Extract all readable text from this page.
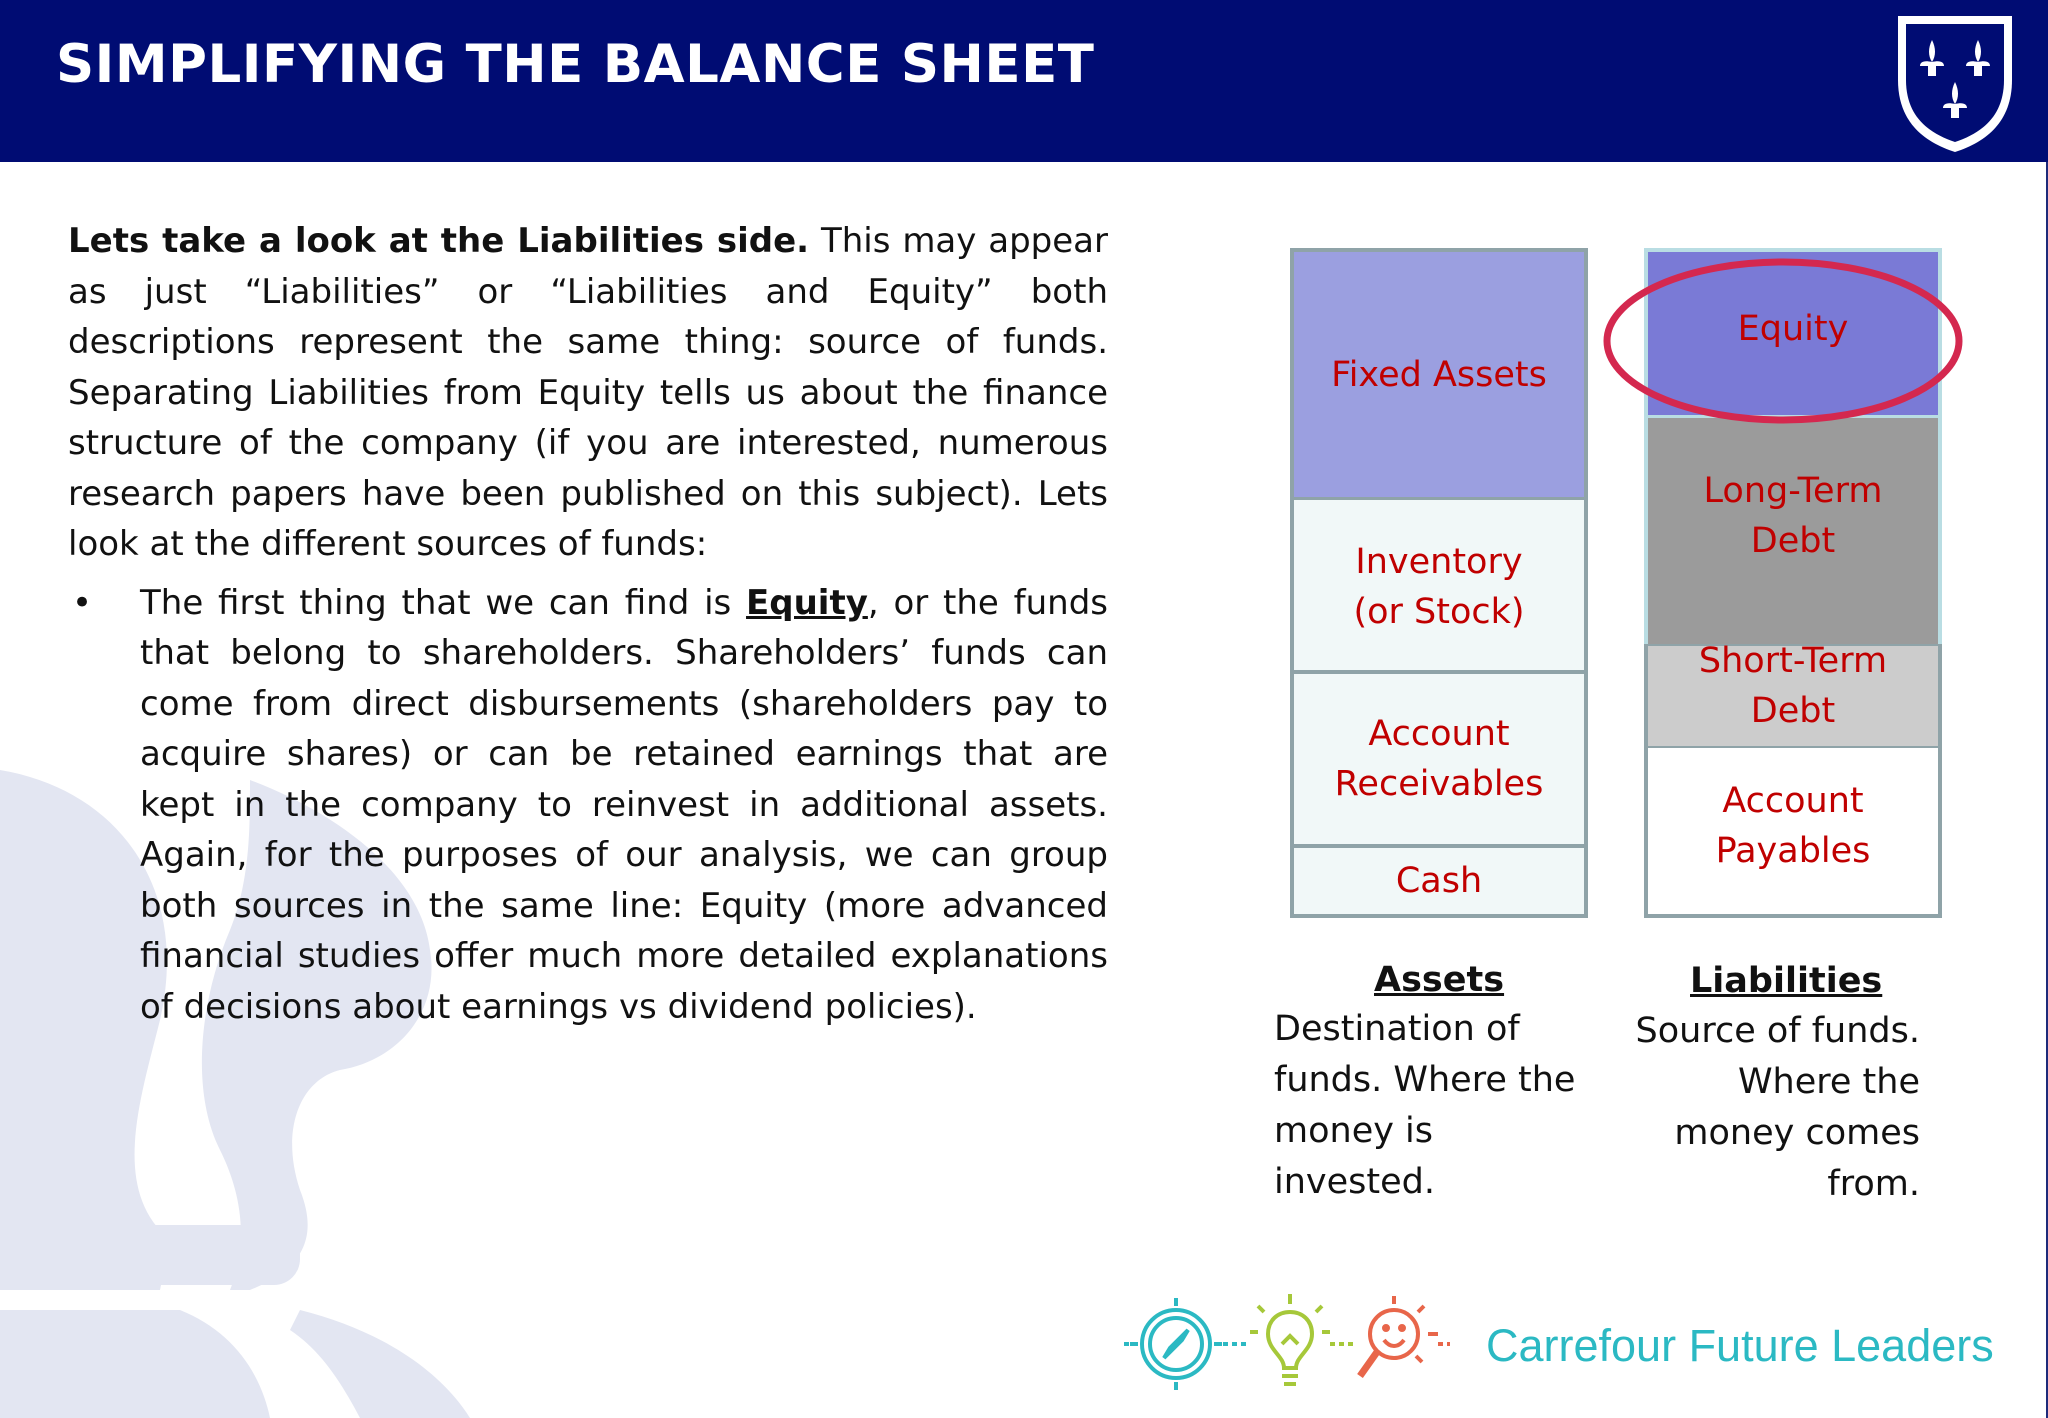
SIMPLIFYING THE BALANCE SHEET

Lets take a look at the Liabilities side. This may appear as just “Liabilities” or “Liabilities and Equity” both descriptions represent the same thing: source of funds. Separating Liabilities from Equity tells us about the finance structure of the company (if you are interested, numerous research papers have been published on this subject). Lets look at the different sources of funds:

• The first thing that we can find is Equity, or the funds that belong to shareholders. Shareholders’ funds can come from direct disbursements (shareholders pay to acquire shares) or can be retained earnings that are kept in the company to reinvest in additional assets. Again, for the purposes of our analysis, we can group both sources in the same line: Equity (more advanced financial studies offer much more detailed explanations of decisions about earnings vs dividend policies).
Fixed Assets
Inventory
(or Stock)
Account
Receivables
Cash
Equity
Long-Term
Debt
Short-Term
Debt
Account
Payables
Assets
Destination of
funds. Where the
money is
invested.
Liabilities
Source of funds.
Where the
money comes
from.
Carrefour Future Leaders
